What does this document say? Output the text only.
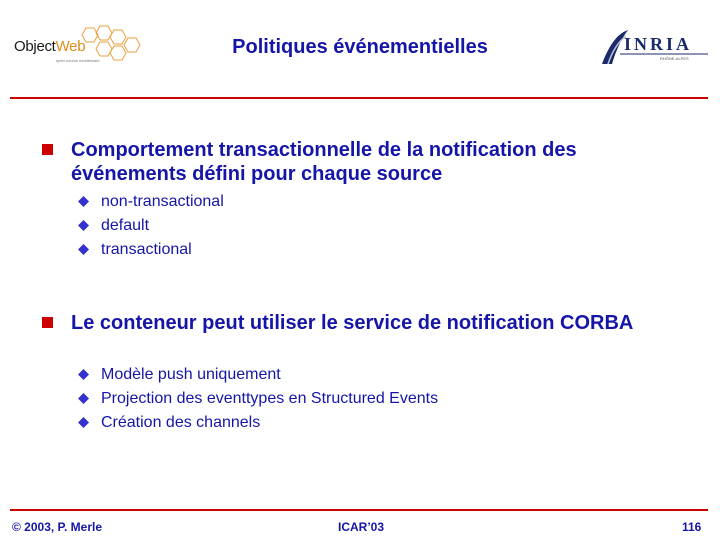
ObjectWeb
open source middleware
Politiques événementielles	INRIA
RHÔNE-ALPES
Comportement transactionnelle de la notification des événements défini pour chaque source
non-transactional
default
transactional
Le conteneur peut utiliser le service de notification CORBA
Modèle push uniquement
Projection des eventtypes en Structured Events
Création des channels
© 2003, P. Merle	ICAR’03	116
